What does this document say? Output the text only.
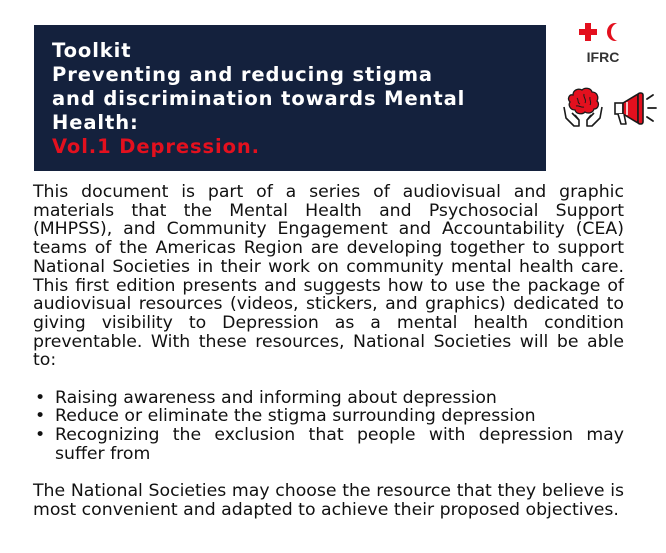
Toolkit
Preventing and reducing stigma
and discrimination towards Mental
Health:
Vol.1 Depression.
IFRC

This document is part of a series of audiovisual and graphic materials that the Mental Health and Psychosocial Support (MHPSS), and Community Engagement and Accountability (CEA) teams of the Americas Region are developing together to support National Societies in their work on community mental health care. This first edition presents and suggests how to use the package of audiovisual resources (videos, stickers, and graphics) dedicated to giving visibility to Depression as a mental health condition preventable. With these resources, National Societies will be able to:

• Raising awareness and informing about depression
• Reduce or eliminate the stigma surrounding depression
• Recognizing the exclusion that people with depression may suffer from

The National Societies may choose the resource that they believe is most convenient and adapted to achieve their proposed objectives.
